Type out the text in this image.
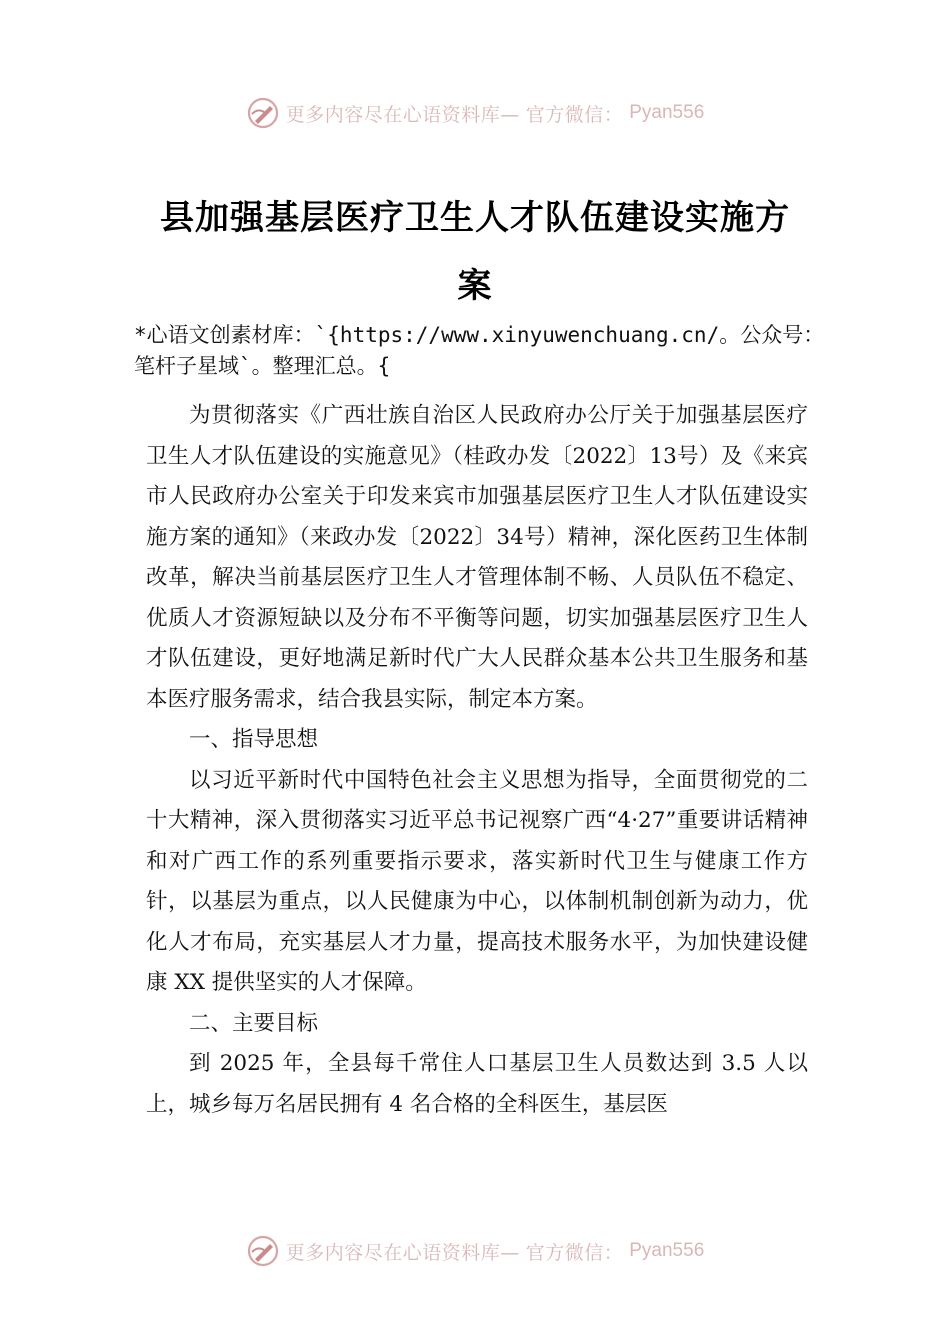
更多内容尽在心语资料库— 官方微信： Pyan556
县加强基层医疗卫生人才队伍建设实施方
案
*心语文创素材库：`{https://www.xinyuwenchuang.cn/。公众号：笔杆子星域`。整理汇总。{

为贯彻落实《广西壮族自治区人民政府办公厅关于加强基层医疗卫生人才队伍建设的实施意见》（桂政办发〔2022〕13号）及《来宾市人民政府办公室关于印发来宾市加强基层医疗卫生人才队伍建设实施方案的通知》（来政办发〔2022〕34号）精神，深化医药卫生体制改革，解决当前基层医疗卫生人才管理体制不畅、人员队伍不稳定、优质人才资源短缺以及分布不平衡等问题，切实加强基层医疗卫生人才队伍建设，更好地满足新时代广大人民群众基本公共卫生服务和基本医疗服务需求，结合我县实际，制定本方案。

一、指导思想

以习近平新时代中国特色社会主义思想为指导，全面贯彻党的二十大精神，深入贯彻落实习近平总书记视察广西“4·27”重要讲话精神和对广西工作的系列重要指示要求，落实新时代卫生与健康工作方针，以基层为重点，以人民健康为中心，以体制机制创新为动力，优化人才布局，充实基层人才力量，提高技术服务水平，为加快建设健康 XX 提供坚实的人才保障。

二、主要目标

到 2025 年，全县每千常住人口基层卫生人员数达到 3.5 人以上，城乡每万名居民拥有 4 名合格的全科医生，基层医

更多内容尽在心语资料库— 官方微信： Pyan556
